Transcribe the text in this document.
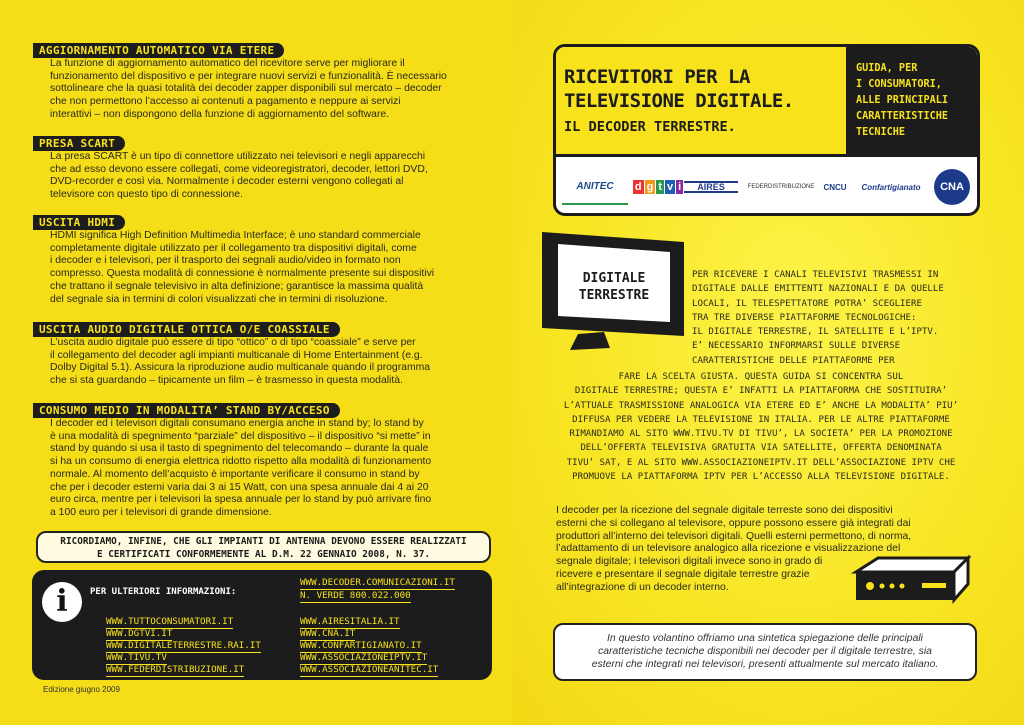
AGGIORNAMENTO AUTOMATICO VIA ETERE
La funzione di aggiornamento automatico del ricevitore serve per migliorare il
funzionamento del dispositivo e per integrare nuovi servizi e funzionalità. È necessario
sottolineare che la quasi totalità dei decoder zapper disponibili sul mercato – decoder
che non permettono l’accesso ai contenuti a pagamento e neppure ai servizi
interattivi – non dispongono della funzione di aggiornamento del software.
PRESA SCART
La presa SCART è un tipo di connettore utilizzato nei televisori e negli apparecchi
che ad esso devono essere collegati, come videoregistratori, decoder, lettori DVD,
DVD-recorder e così via. Normalmente i decoder esterni vengono collegati al
televisore con questo tipo di connessione.
USCITA HDMI
HDMI significa High Definition Multimedia Interface; è uno standard commerciale
completamente digitale utilizzato per il collegamento tra dispositivi digitali, come
i decoder e i televisori, per il trasporto dei segnali audio/video in formato non
compresso. Questa modalità di connessione è normalmente presente sui dispositivi
che trattano il segnale televisivo in alta definizione; garantisce la massima qualità
del segnale sia in termini di colori visualizzati che in termini di risoluzione.
USCITA AUDIO DIGITALE OTTICA O/E COASSIALE
L’uscita audio digitale può essere di tipo “ottico” o di tipo “coassiale” e serve per
il collegamento del decoder agli impianti multicanale di Home Entertainment (e.g.
Dolby Digital 5.1). Assicura la riproduzione audio multicanale quando il programma
che si sta guardando – tipicamente un film – è trasmesso in questa modalità.
CONSUMO MEDIO IN MODALITA’ STAND BY/ACCESO
I decoder ed i televisori digitali consumano energia anche in stand by; lo stand by
è una modalità di spegnimento “parziale” del dispositivo – il dispositivo “si mette” in
stand by quando si usa il tasto di spegnimento del telecomando – durante la quale
si ha un consumo di energia elettrica ridotto rispetto alla modalità di funzionamento
normale. Al momento dell’acquisto è importante verificare il consumo in stand by
che per i decoder esterni varia dai 3 ai 15 Watt, con una spesa annuale dai 4 ai 20
euro circa, mentre per i televisori la spesa annuale per lo stand by può arrivare fino
a 100 euro per i televisori di grande dimensione.
RICORDIAMO, INFINE, CHE GLI IMPIANTI DI ANTENNA DEVONO ESSERE REALIZZATI
E CERTIFICATI CONFORMEMENTE AL D.M. 22 GENNAIO 2008, N. 37.
i	PER ULTERIORI INFORMAZIONI:
WWW.DECODER.COMUNICAZIONI.IT
N. VERDE 800.022.000
WWW.TUTTOCONSUMATORI.IT
WWW.DGTVI.IT
WWW.DIGITALETERRESTRE.RAI.IT
WWW.TIVU.TV
WWW.FEDERDISTRIBUZIONE.IT
WWW.AIRESITALIA.IT
WWW.CNA.IT
WWW.CONFARTIGIANATO.IT
WWW.ASSOCIAZIONEIPTV.IT
WWW.ASSOCIAZIONEANITEC.IT
Edizione giugno 2009
RICEVITORI PER LA
TELEVISIONE DIGITALE.
IL DECODER TERRESTRE.
GUIDA, PER
I CONSUMATORI,
ALLE PRINCIPALI
CARATTERISTICHE
TECNICHE
ANITEC	d g t v i	AIRES	FEDERDISTRIBUZIONE	CNCU	Confartigianato	CNA
DIGITALE
TERRESTRE
PER RICEVERE I CANALI TELEVISIVI TRASMESSI IN
DIGITALE DALLE EMITTENTI NAZIONALI E DA QUELLE
LOCALI, IL TELESPETTATORE POTRA’ SCEGLIERE
TRA TRE DIVERSE PIATTAFORME TECNOLOGICHE:
IL DIGITALE TERRESTRE, IL SATELLITE E L’IPTV.
E’ NECESSARIO INFORMARSI SULLE DIVERSE
CARATTERISTICHE DELLE PIATTAFORME PER
FARE LA SCELTA GIUSTA. QUESTA GUIDA SI CONCENTRA SUL
DIGITALE TERRESTRE; QUESTA E’ INFATTI LA PIATTAFORMA CHE SOSTITUIRA’
L’ATTUALE TRASMISSIONE ANALOGICA VIA ETERE ED E’ ANCHE LA MODALITA’ PIU’
DIFFUSA PER VEDERE LA TELEVISIONE IN ITALIA. PER LE ALTRE PIATTAFORME
RIMANDIAMO AL SITO WWW.TIVU.TV DI TIVU’, LA SOCIETA’ PER LA PROMOZIONE
DELL’OFFERTA TELEVISIVA GRATUITA VIA SATELLITE, OFFERTA DENOMINATA
TIVU’ SAT, E AL SITO WWW.ASSOCIAZIONEIPTV.IT DELL’ASSOCIAZIONE IPTV CHE
PROMUOVE LA PIATTAFORMA IPTV PER L’ACCESSO ALLA TELEVISIONE DIGITALE.
I decoder per la ricezione del segnale digitale terreste sono dei dispositivi
esterni che si collegano al televisore, oppure possono essere già integrati dai
produttori all’interno dei televisori digitali. Quelli esterni permettono, di norma,
l’adattamento di un televisore analogico alla ricezione e visualizzazione del
segnale digitale; i televisori digitali invece sono in grado di
ricevere e presentare il segnale digitale terrestre grazie
all’integrazione di un decoder interno.
In questo volantino offriamo una sintetica spiegazione delle principali
caratteristiche tecniche disponibili nei decoder per il digitale terrestre, sia
esterni che integrati nei televisori, presenti attualmente sul mercato italiano.
